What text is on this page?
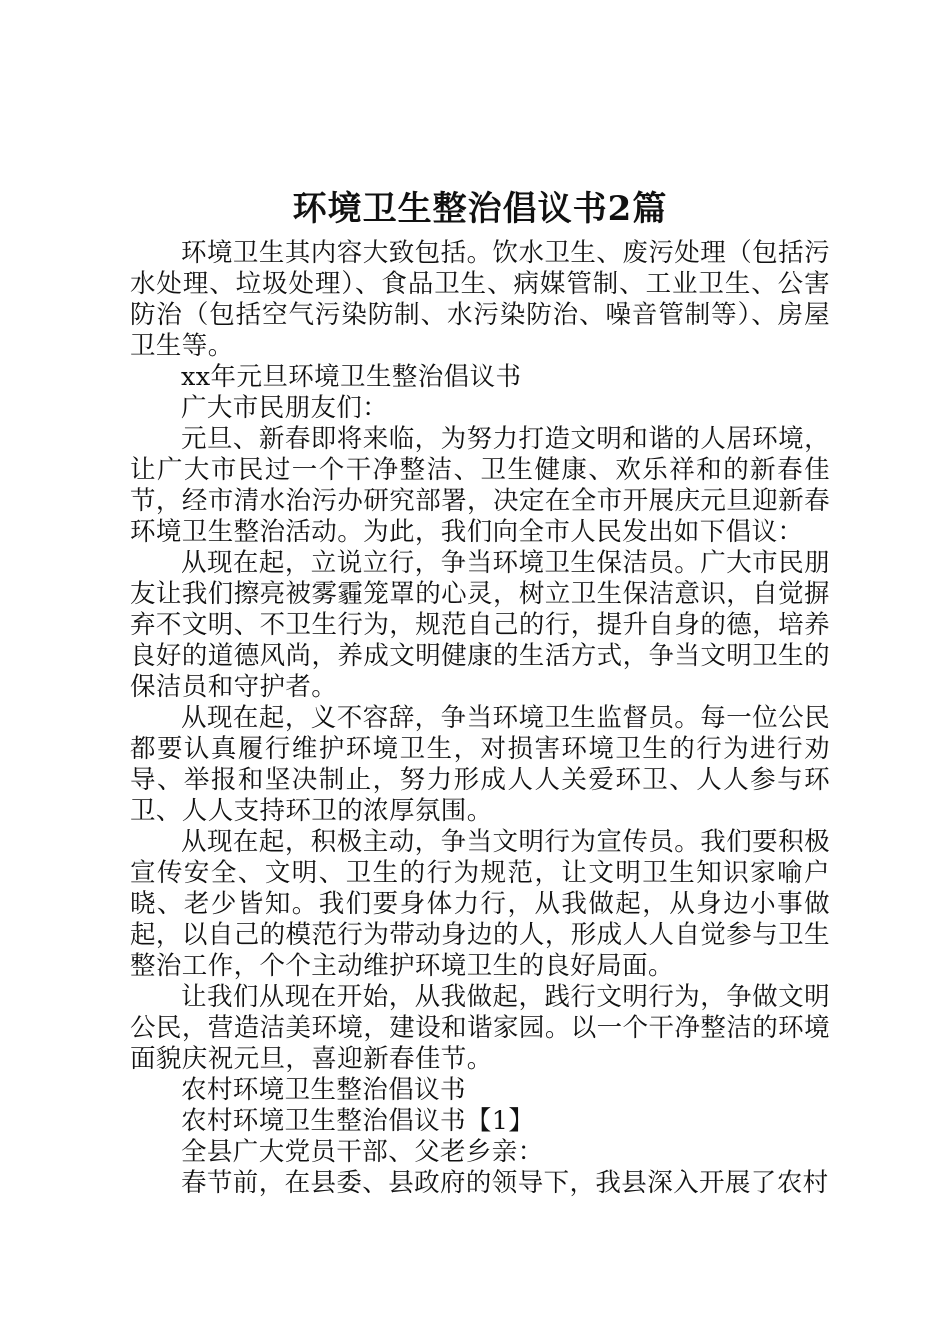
环境卫生整治倡议书2篇

环境卫生其内容大致包括。饮水卫生、废污处理（包括污水处理、垃圾处理）、食品卫生、病媒管制、工业卫生、公害防治（包括空气污染防制、水污染防治、噪音管制等）、房屋卫生等。

xx年元旦环境卫生整治倡议书

广大市民朋友们：

元旦、新春即将来临，为努力打造文明和谐的人居环境，让广大市民过一个干净整洁、卫生健康、欢乐祥和的新春佳节，经市清水治污办研究部署，决定在全市开展庆元旦迎新春环境卫生整治活动。为此，我们向全市人民发出如下倡议：

从现在起，立说立行，争当环境卫生保洁员。广大市民朋友让我们擦亮被雾霾笼罩的心灵，树立卫生保洁意识，自觉摒弃不文明、不卫生行为，规范自己的行，提升自身的德，培养良好的道德风尚，养成文明健康的生活方式，争当文明卫生的保洁员和守护者。

从现在起，义不容辞，争当环境卫生监督员。每一位公民都要认真履行维护环境卫生，对损害环境卫生的行为进行劝导、举报和坚决制止，努力形成人人关爱环卫、人人参与环卫、人人支持环卫的浓厚氛围。

从现在起，积极主动，争当文明行为宣传员。我们要积极宣传安全、文明、卫生的行为规范，让文明卫生知识家喻户晓、老少皆知。我们要身体力行，从我做起，从身边小事做起，以自己的模范行为带动身边的人，形成人人自觉参与卫生整治工作，个个主动维护环境卫生的良好局面。

让我们从现在开始，从我做起，践行文明行为，争做文明公民，营造洁美环境，建设和谐家园。以一个干净整洁的环境面貌庆祝元旦，喜迎新春佳节。

农村环境卫生整治倡议书

农村环境卫生整治倡议书【1】

全县广大党员干部、父老乡亲：

春节前，在县委、县政府的领导下，我县深入开展了农村
